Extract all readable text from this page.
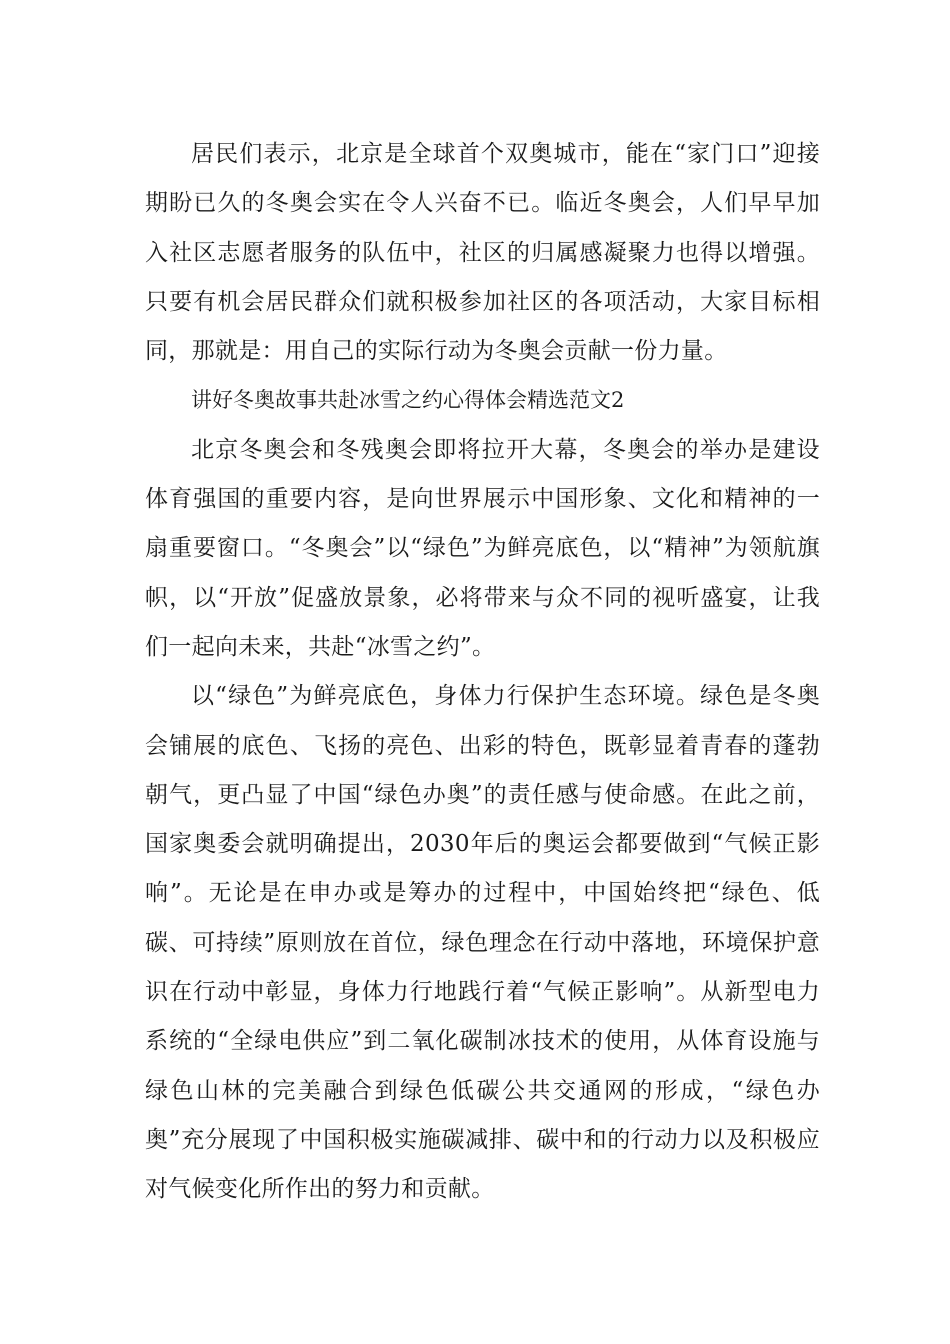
居民们表示，北京是全球首个双奥城市，能在“家门口”迎接期盼已久的冬奥会实在令人兴奋不已。临近冬奥会，人们早早加入社区志愿者服务的队伍中，社区的归属感凝聚力也得以增强。只要有机会居民群众们就积极参加社区的各项活动，大家目标相同，那就是：用自己的实际行动为冬奥会贡献一份力量。

讲好冬奥故事共赴冰雪之约心得体会精选范文2

北京冬奥会和冬残奥会即将拉开大幕，冬奥会的举办是建设体育强国的重要内容，是向世界展示中国形象、文化和精神的一扇重要窗口。“冬奥会”以“绿色”为鲜亮底色，以“精神”为领航旗帜，以“开放”促盛放景象，必将带来与众不同的视听盛宴，让我们一起向未来，共赴“冰雪之约”。

以“绿色”为鲜亮底色，身体力行保护生态环境。绿色是冬奥会铺展的底色、飞扬的亮色、出彩的特色，既彰显着青春的蓬勃朝气，更凸显了中国“绿色办奥”的责任感与使命感。在此之前，国家奥委会就明确提出，2030年后的奥运会都要做到“气候正影响”。无论是在申办或是筹办的过程中，中国始终把“绿色、低碳、可持续”原则放在首位，绿色理念在行动中落地，环境保护意识在行动中彰显，身体力行地践行着“气候正影响”。从新型电力系统的“全绿电供应”到二氧化碳制冰技术的使用，从体育设施与绿色山林的完美融合到绿色低碳公共交通网的形成，“绿色办奥”充分展现了中国积极实施碳减排、碳中和的行动力以及积极应对气候变化所作出的努力和贡献。
